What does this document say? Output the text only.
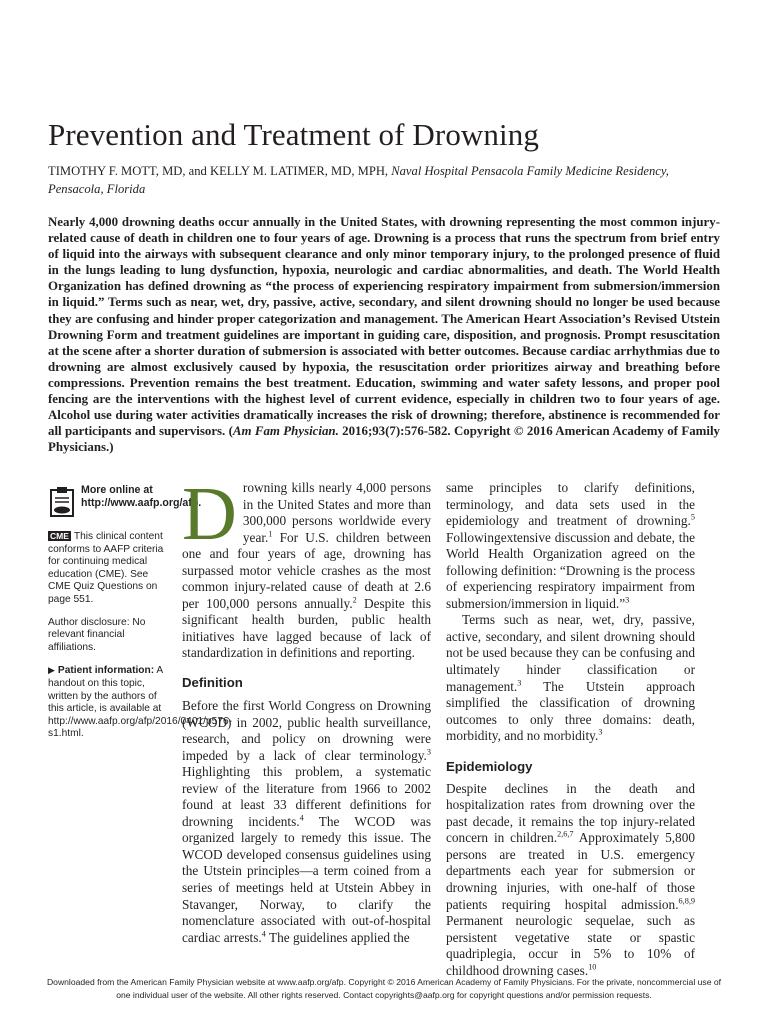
Prevention and Treatment of Drowning
TIMOTHY F. MOTT, MD, and KELLY M. LATIMER, MD, MPH, Naval Hospital Pensacola Family Medicine Residency, Pensacola, Florida
Nearly 4,000 drowning deaths occur annually in the United States, with drowning representing the most common injury-related cause of death in children one to four years of age. Drowning is a process that runs the spectrum from brief entry of liquid into the airways with subsequent clearance and only minor temporary injury, to the prolonged presence of fluid in the lungs leading to lung dysfunction, hypoxia, neurologic and cardiac abnormalities, and death. The World Health Organization has defined drowning as “the process of experiencing respiratory impairment from submersion/immersion in liquid.” Terms such as near, wet, dry, passive, active, secondary, and silent drowning should no longer be used because they are confusing and hinder proper categorization and management. The American Heart Association’s Revised Utstein Drowning Form and treatment guidelines are important in guiding care, disposition, and prognosis. Prompt resuscitation at the scene after a shorter duration of submersion is associated with better outcomes. Because cardiac arrhythmias due to drowning are almost exclusively caused by hypoxia, the resuscitation order prioritizes airway and breathing before compressions. Prevention remains the best treatment. Education, swimming and water safety lessons, and proper pool fencing are the interventions with the highest level of current evidence, especially in children two to four years of age. Alcohol use during water activities dramatically increases the risk of drowning; therefore, abstinence is recommended for all participants and supervisors. (Am Fam Physician. 2016;93(7):576-582. Copyright © 2016 American Academy of Family Physicians.)
More online at http://www.aafp.org/afp.
CME This clinical content conforms to AAFP criteria for continuing medical education (CME). See CME Quiz Questions on page 551.
Author disclosure: No relevant financial affiliations.
▶ Patient information: A handout on this topic, written by the authors of this article, is available at http://www.aafp.org/afp/2016/0401/p576-s1.html.

Drowning kills nearly 4,000 persons in the United States and more than 300,000 persons worldwide every year.$^1$ For U.S. children between one and four years of age, drowning has surpassed motor vehicle crashes as the most common injury-related cause of death at 2.6 per 100,000 persons annually.$^2$ Despite this significant health burden, public health initiatives have lagged because of lack of standardization in definitions and reporting.

Definition

Before the first World Congress on Drowning (WCOD) in 2002, public health surveillance, research, and policy on drowning were impeded by a lack of clear terminology.$^3$ Highlighting this problem, a systematic review of the literature from 1966 to 2002 found at least 33 different definitions for drowning incidents.$^4$ The WCOD was organized largely to remedy this issue. The WCOD developed consensus guidelines using the Utstein principles—a term coined from a series of meetings held at Utstein Abbey in Stavanger, Norway, to clarify the nomenclature associated with out-of-hospital cardiac arrests.$^4$ The guidelines applied the

same principles to clarify definitions, terminology, and data sets used in the epidemiology and treatment of drowning.$^5$ Followingextensive discussion and debate, the World Health Organization agreed on the following definition: “Drowning is the process of experiencing respiratory impairment from submersion/immersion in liquid.”$^3$

Terms such as near, wet, dry, passive, active, secondary, and silent drowning should not be used because they can be confusing and ultimately hinder classification or management.$^3$ The Utstein approach simplified the classification of drowning outcomes to only three domains: death, morbidity, and no morbidity.$^3$

Epidemiology

Despite declines in the death and hospitalization rates from drowning over the past decade, it remains the top injury-related concern in children.$^{2,6,7}$ Approximately 5,800 persons are treated in U.S. emergency departments each year for submersion or drowning injuries, with one-half of those patients requiring hospital admission.$^{6,8,9}$ Permanent neurologic sequelae, such as persistent vegetative state or spastic quadriplegia, occur in 5% to 10% of childhood drowning cases.$^{10}$

Downloaded from the American Family Physician website at www.aafp.org/afp. Copyright © 2016 American Academy of Family Physicians. For the private, noncommercial use of one individual user of the website. All other rights reserved. Contact copyrights@aafp.org for copyright questions and/or permission requests.
